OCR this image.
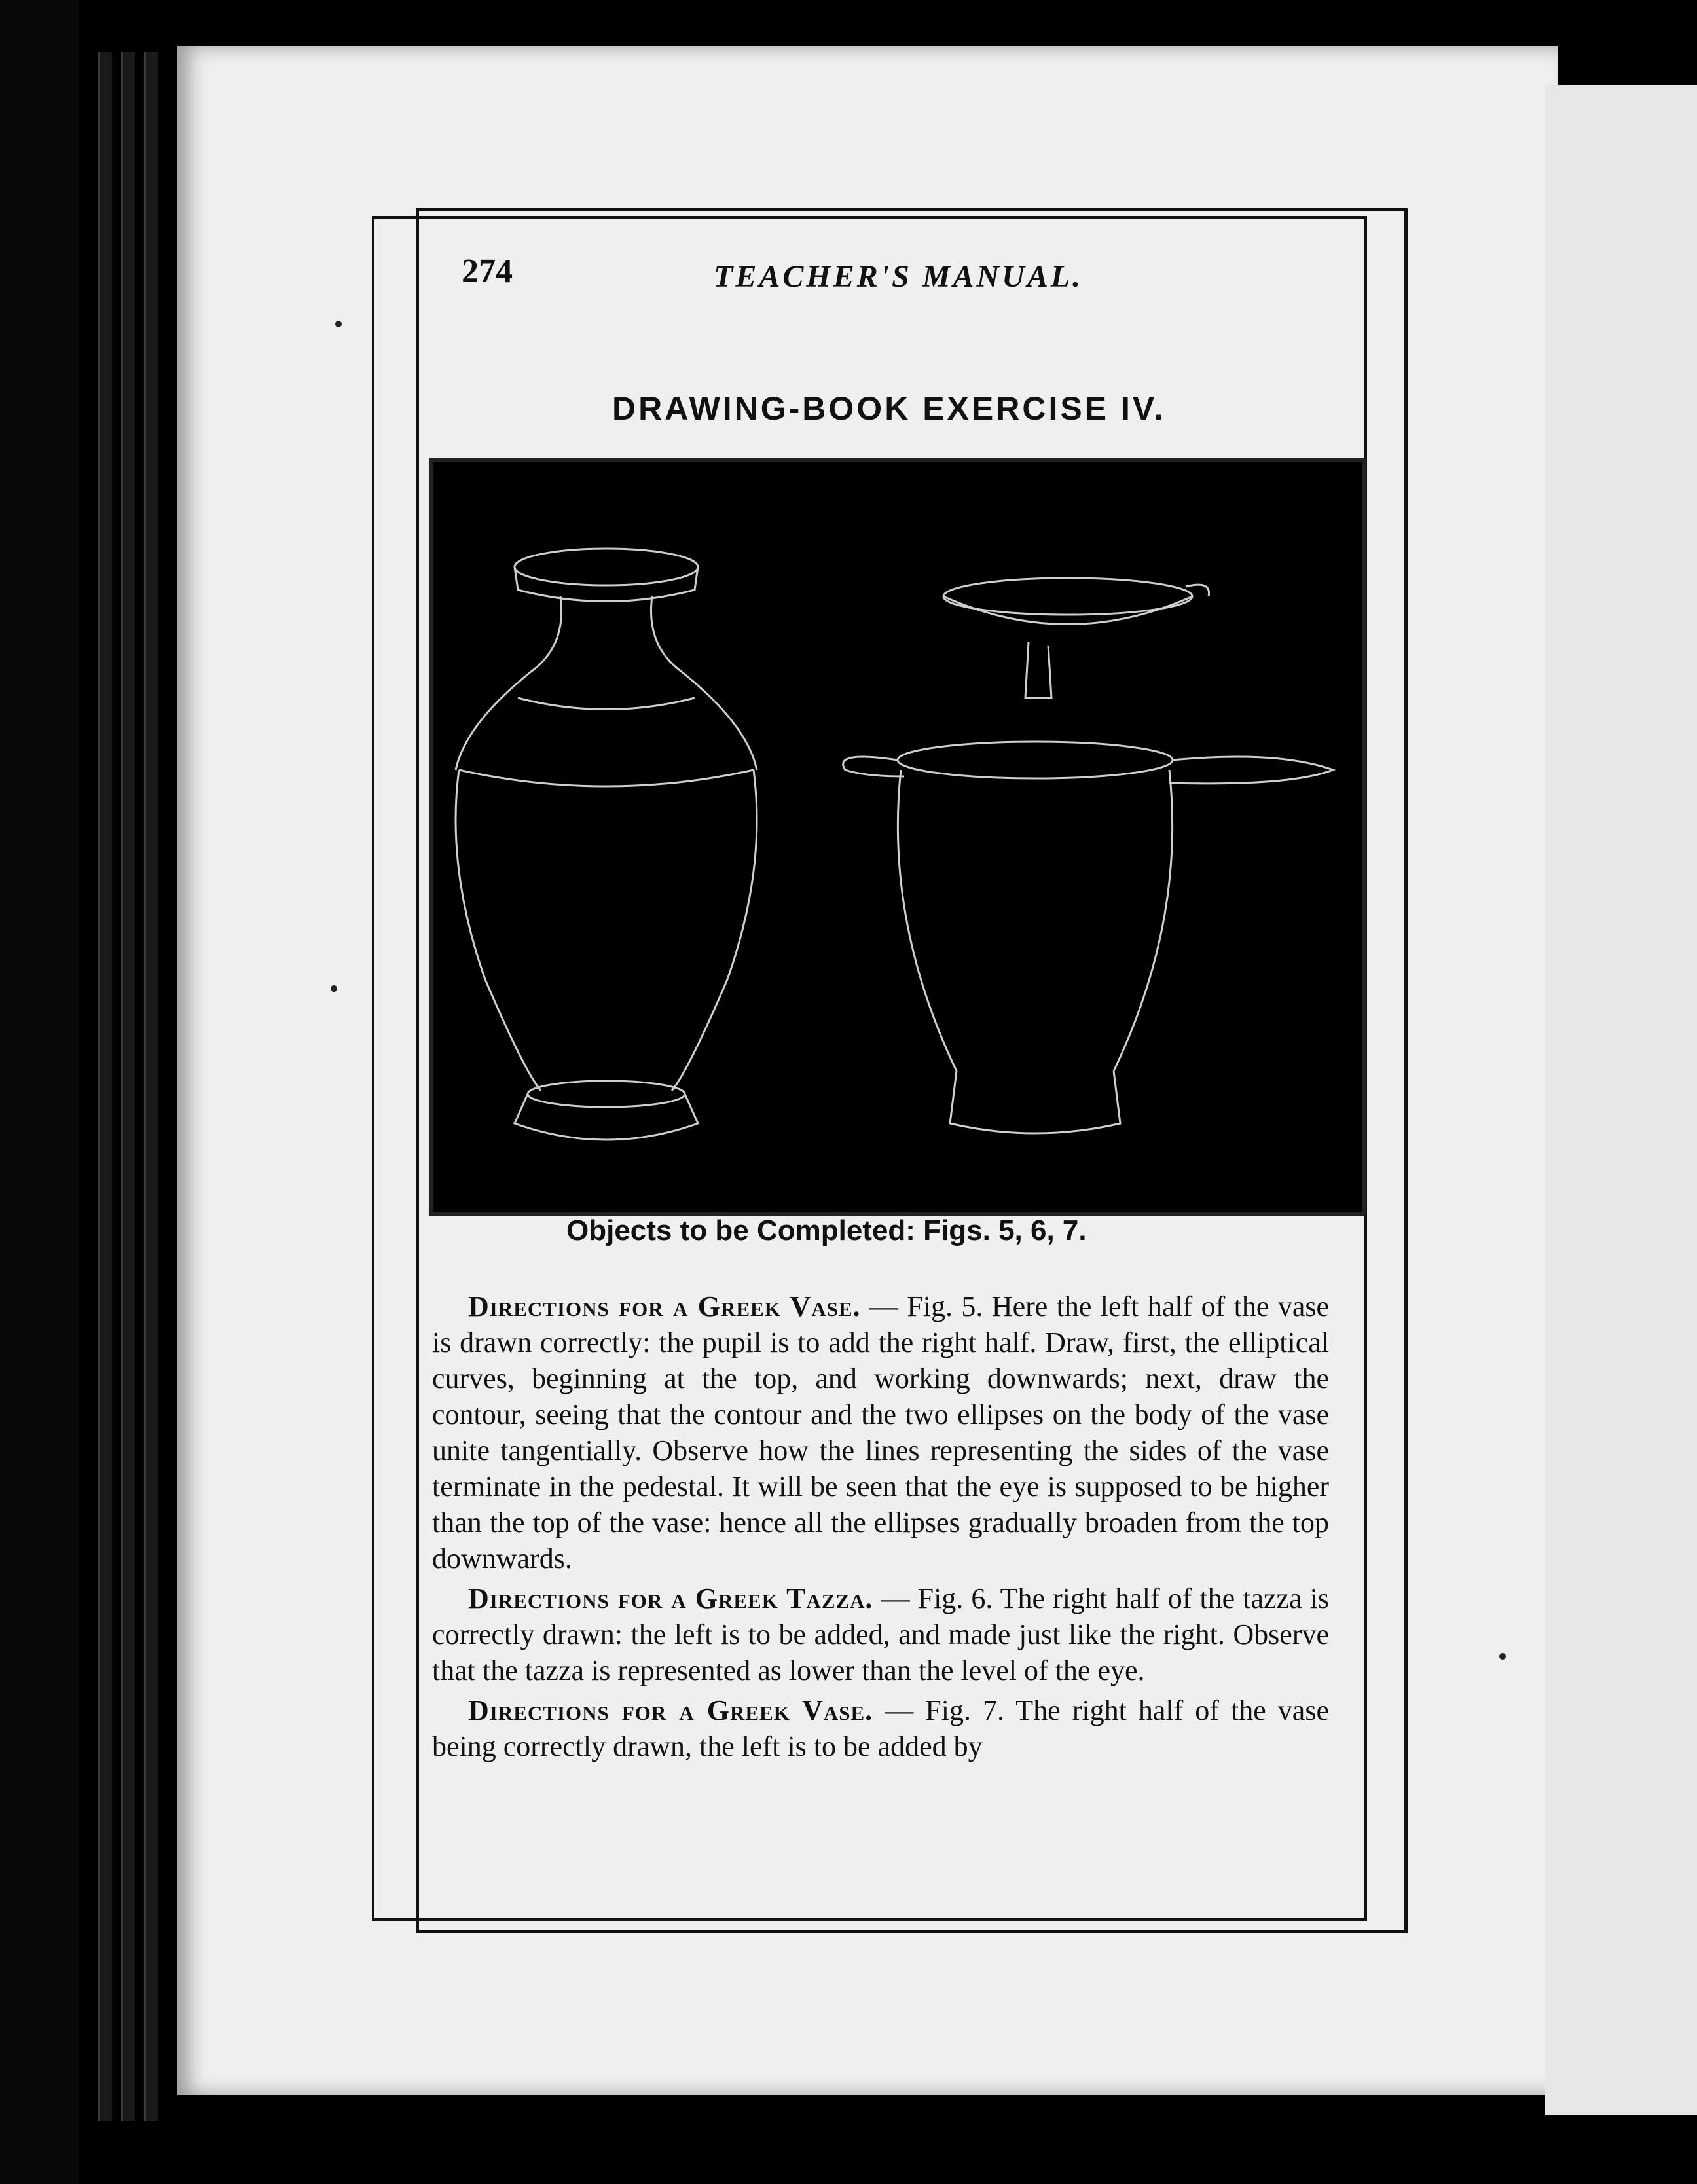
274	TEACHER'S MANUAL.
DRAWING-BOOK EXERCISE IV.
Objects to be Completed: Figs. 5, 6, 7.

Directions for a Greek Vase. — Fig. 5. Here the left half of the vase is drawn correctly: the pupil is to add the right half. Draw, first, the elliptical curves, beginning at the top, and working downwards; next, draw the contour, seeing that the contour and the two ellipses on the body of the vase unite tangentially. Observe how the lines representing the sides of the vase terminate in the pedestal. It will be seen that the eye is supposed to be higher than the top of the vase: hence all the ellipses gradually broaden from the top downwards.

Directions for a Greek Tazza. — Fig. 6. The right half of the tazza is correctly drawn: the left is to be added, and made just like the right. Observe that the tazza is represented as lower than the level of the eye.

Directions for a Greek Vase. — Fig. 7. The right half of the vase being correctly drawn, the left is to be added by
